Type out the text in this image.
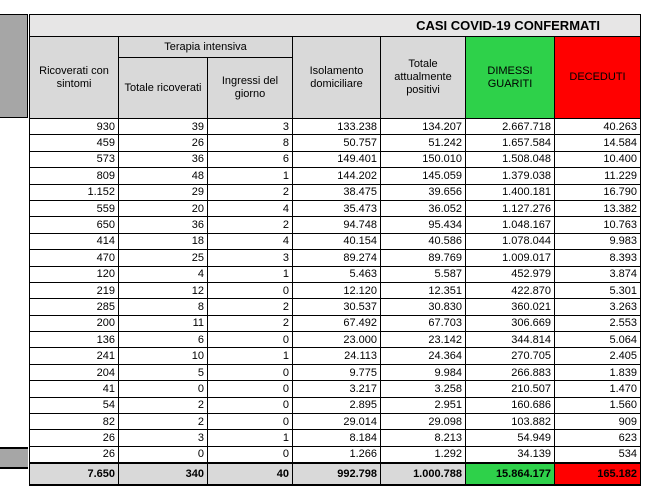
CASI COVID-19 CONFERMATI						
Ricoverati con sintomi	Terapia intensiva		Isolamento domiciliare	Totale attualmente positivi	DIMESSI GUARITI	DECEDUTI
	Totale ricoverati	Ingressi del giorno				
930	39	3	133.238	134.207	2.667.718	40.263
459	26	8	50.757	51.242	1.657.584	14.584
573	36	6	149.401	150.010	1.508.048	10.400
809	48	1	144.202	145.059	1.379.038	11.229
1.152	29	2	38.475	39.656	1.400.181	16.790
559	20	4	35.473	36.052	1.127.276	13.382
650	36	2	94.748	95.434	1.048.167	10.763
414	18	4	40.154	40.586	1.078.044	9.983
470	25	3	89.274	89.769	1.009.017	8.393
120	4	1	5.463	5.587	452.979	3.874
219	12	0	12.120	12.351	422.870	5.301
285	8	2	30.537	30.830	360.021	3.263
200	11	2	67.492	67.703	306.669	2.553
136	6	0	23.000	23.142	344.814	5.064
241	10	1	24.113	24.364	270.705	2.405
204	5	0	9.775	9.984	266.883	1.839
41	0	0	3.217	3.258	210.507	1.470
54	2	0	2.895	2.951	160.686	1.560
82	2	0	29.014	29.098	103.882	909
26	3	1	8.184	8.213	54.949	623
26	0	0	1.266	1.292	34.139	534
7.650	340	40	992.798	1.000.788	15.864.177	165.182
